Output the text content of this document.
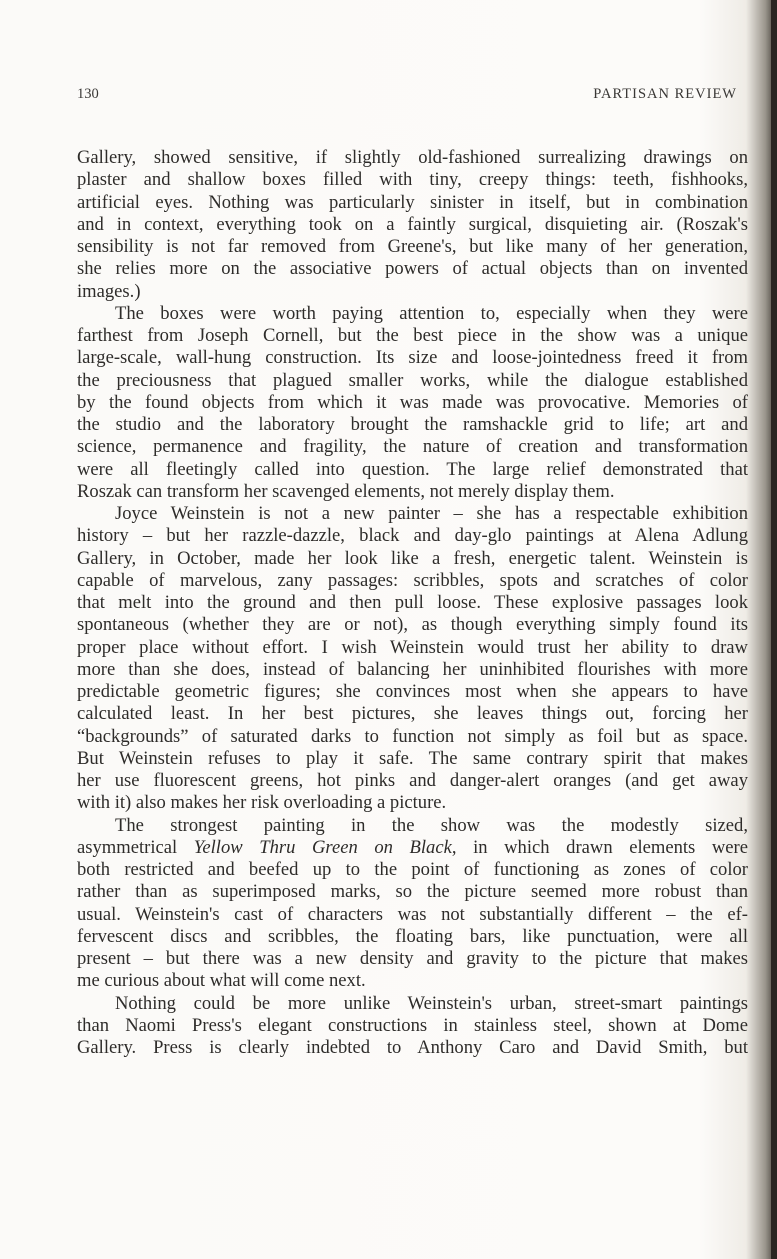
130	PARTISAN REVIEW
Gallery, showed sensitive, if slightly old-fashioned surrealizing drawings on
plaster and shallow boxes filled with tiny, creepy things: teeth, fishhooks,
artificial eyes. Nothing was particularly sinister in itself, but in combination
and in context, everything took on a faintly surgical, disquieting air. (Roszak's
sensibility is not far removed from Greene's, but like many of her generation,
she relies more on the associative powers of actual objects than on invented
images.)
The boxes were worth paying attention to, especially when they were
farthest from Joseph Cornell, but the best piece in the show was a unique
large-scale, wall-hung construction. Its size and loose-jointedness freed it from
the preciousness that plagued smaller works, while the dialogue established
by the found objects from which it was made was provocative. Memories of
the studio and the laboratory brought the ramshackle grid to life; art and
science, permanence and fragility, the nature of creation and transformation
were all fleetingly called into question. The large relief demonstrated that
Roszak can transform her scavenged elements, not merely display them.
Joyce Weinstein is not a new painter – she has a respectable exhibition
history – but her razzle-dazzle, black and day-glo paintings at Alena Adlung
Gallery, in October, made her look like a fresh, energetic talent. Weinstein is
capable of marvelous, zany passages: scribbles, spots and scratches of color
that melt into the ground and then pull loose. These explosive passages look
spontaneous (whether they are or not), as though everything simply found its
proper place without effort. I wish Weinstein would trust her ability to draw
more than she does, instead of balancing her uninhibited flourishes with more
predictable geometric figures; she convinces most when she appears to have
calculated least. In her best pictures, she leaves things out, forcing her
“backgrounds” of saturated darks to function not simply as foil but as space.
But Weinstein refuses to play it safe. The same contrary spirit that makes
her use fluorescent greens, hot pinks and danger-alert oranges (and get away
with it) also makes her risk overloading a picture.
The strongest painting in the show was the modestly sized,
asymmetrical Yellow Thru Green on Black, in which drawn elements were
both restricted and beefed up to the point of functioning as zones of color
rather than as superimposed marks, so the picture seemed more robust than
usual. Weinstein's cast of characters was not substantially different – the ef-
fervescent discs and scribbles, the floating bars, like punctuation, were all
present – but there was a new density and gravity to the picture that makes
me curious about what will come next.
Nothing could be more unlike Weinstein's urban, street-smart paintings
than Naomi Press's elegant constructions in stainless steel, shown at Dome
Gallery. Press is clearly indebted to Anthony Caro and David Smith, but
